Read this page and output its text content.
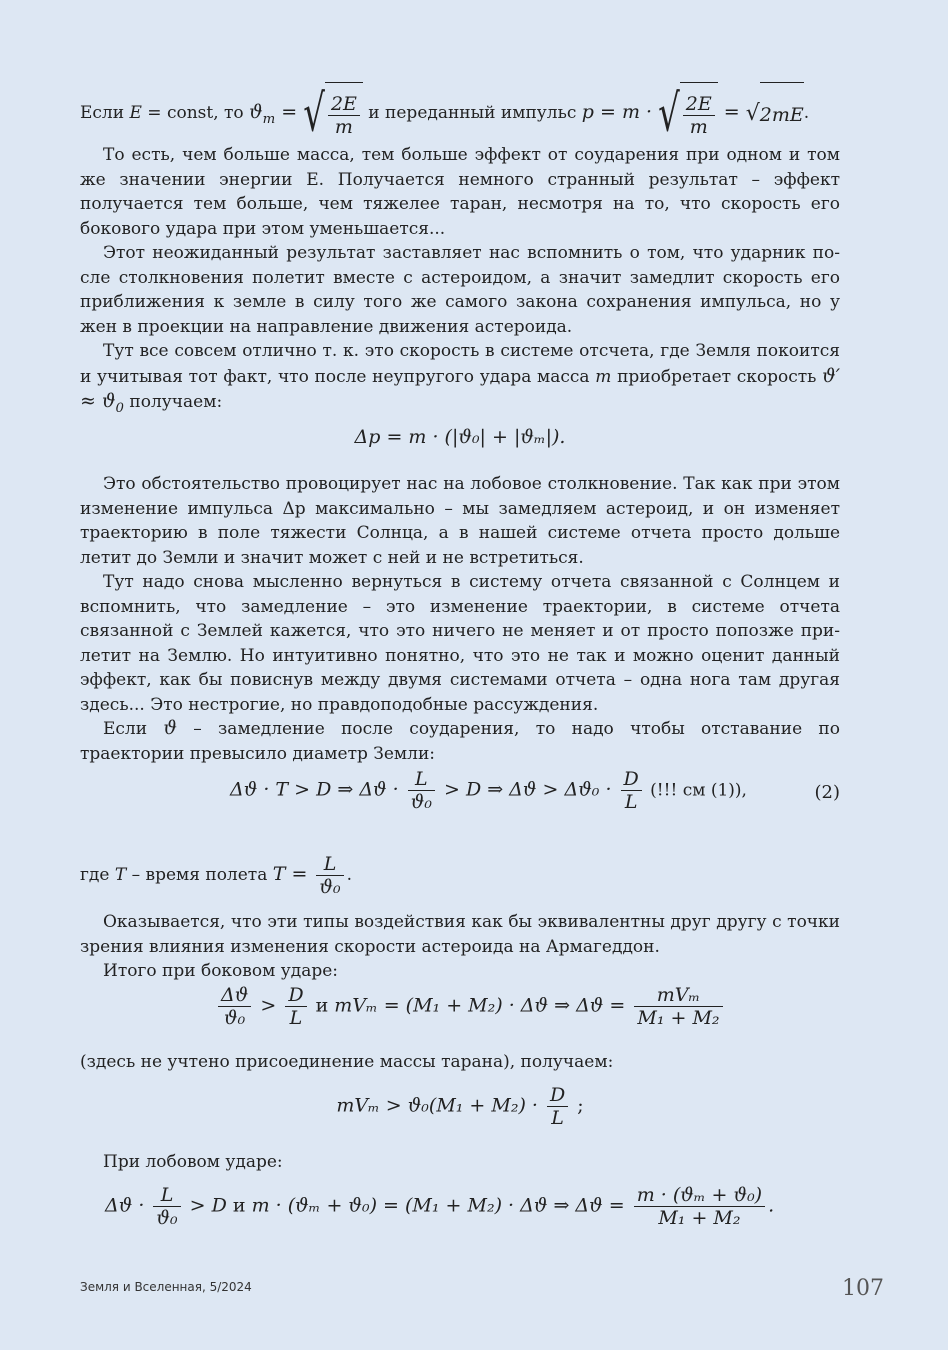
Если E = const, то $ϑ_m$ = √ $\frac{2E}{m}$ и переданный импульс p = m · √ $\frac{2E}{m} = √2mE$.
То есть, чем больше масса, тем больше эффект от соударения при одном и том же значении энергии E. Получается немного странный результат – эффект получается тем больше, чем тяжелее таран, несмотря на то, что скорость его бокового удара при этом уменьшается...
Этот неожиданный результат заставляет нас вспомнить о том, что ударник после столкновения полетит вместе с астероидом, а значит замедлит скорость его приближения к земле в силу того же самого закона сохранения импульса, но у жен в проекции на направление движения астероида.
Тут все совсем отлично т. к. это скорость в системе отсчета, где Земля покоится и учитывая тот факт, что после неупругого удара масса m приобретает скорость $ϑ' \approx ϑ_0$ получаем:
Δp = m · (|ϑ₀| + |ϑₘ|).
Это обстоятельство провоцирует нас на лобовое столкновение. Так как при этом изменение импульса Δp максимально – мы замедляем астероид, и он изменяет траекторию в поле тяжести Солнца, а в нашей системе отчета просто дольше летит до Земли и значит может с ней и не встретиться.
Тут надо снова мысленно вернуться в систему отчета связанной с Солнцем и вспомнить, что замедление – это изменение траектории, в системе отчета связанной с Землей кажется, что это ничего не меняет и от просто попозже прилетит на Землю. Но интуитивно понятно, что это не так и можно оценит данный эффект, как бы повиснув между двумя системами отчета – одна нога там другая здесь... Это нестрогие, но правдоподобные рассуждения.
Если ϑ – замедление после соударения, то надо чтобы отставание по траектории превысило диаметр Земли:
Δϑ · T > D ⇒ $\Delta ϑ \cdot \frac{L}{\text{ϑ₀}} > D$ ⇒ $\Delta ϑ > \Delta ϑ_0 \cdot \frac{D}{L}$ (!!! см (1)),	(2)
где T – время полета $T = \frac{L}{\text{ϑ₀}}$ .
Оказывается, что эти типы воздействия как бы эквивалентны друг другу с точки зрения влияния изменения скорости астероида на Армагеддон.
Итого при боковом ударе:
$\frac{\Delta ϑ}{\text{ϑ₀}} > \frac{D}{L}$ и mVₘ = (M₁ + M₂) · Δϑ ⇒ $\Delta ϑ = \frac{\text{mVₘ}}{\text{M₁ + M₂}}$
(здесь не учтено присоединение массы тарана), получаем:
$mV_m > ϑ_0(M_1 + M_2) \cdot \frac{D}{L}$ ;
При лобовом ударе:
$\Delta ϑ \cdot \frac{L}{\text{ϑ₀}} > D$ и m · (ϑₘ + ϑ₀) = (M₁ + M₂) · Δϑ ⇒ $\Delta ϑ = \frac{\text{m · (ϑₘ + ϑ₀)}}{\text{M₁ + M₂}}$ .
Земля и Вселенная, 5/2024	107
